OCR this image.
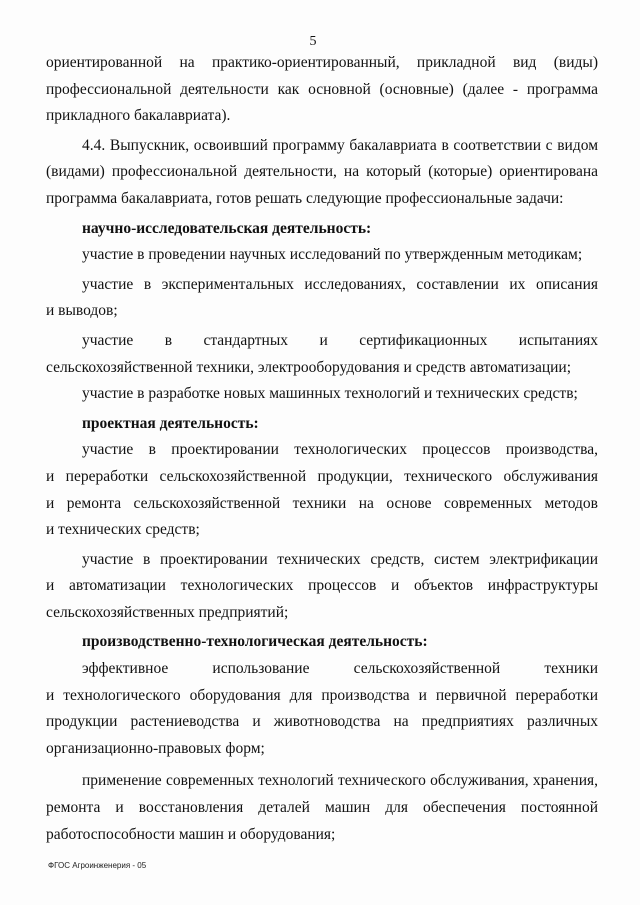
5
ориентированной на практико-ориентированный, прикладной вид (виды)
профессиональной деятельности как основной (основные) (далее - программа
прикладного бакалавриата).
4.4. Выпускник, освоивший программу бакалавриата в соответствии с видом
(видами) профессиональной деятельности, на который (которые) ориентирована
программа бакалавриата, готов решать следующие профессиональные задачи:
научно-исследовательская деятельность:
участие в проведении научных исследований по утвержденным методикам;
участие в экспериментальных исследованиях, составлении их описания
и выводов;
участие в стандартных и сертификационных испытаниях
сельскохозяйственной техники, электрооборудования и средств автоматизации;
участие в разработке новых машинных технологий и технических средств;
проектная деятельность:
участие в проектировании технологических процессов производства,
и переработки сельскохозяйственной продукции, технического обслуживания
и ремонта сельскохозяйственной техники на основе современных методов
и технических средств;
участие в проектировании технических средств, систем электрификации
и автоматизации технологических процессов и объектов инфраструктуры
сельскохозяйственных предприятий;
производственно-технологическая деятельность:
эффективное использование сельскохозяйственной техники
и технологического оборудования для производства и первичной переработки
продукции растениеводства и животноводства на предприятиях различных
организационно-правовых форм;
применение современных технологий технического обслуживания, хранения,
ремонта и восстановления деталей машин для обеспечения постоянной
работоспособности машин и оборудования;
ФГОС Агроинженерия - 05
